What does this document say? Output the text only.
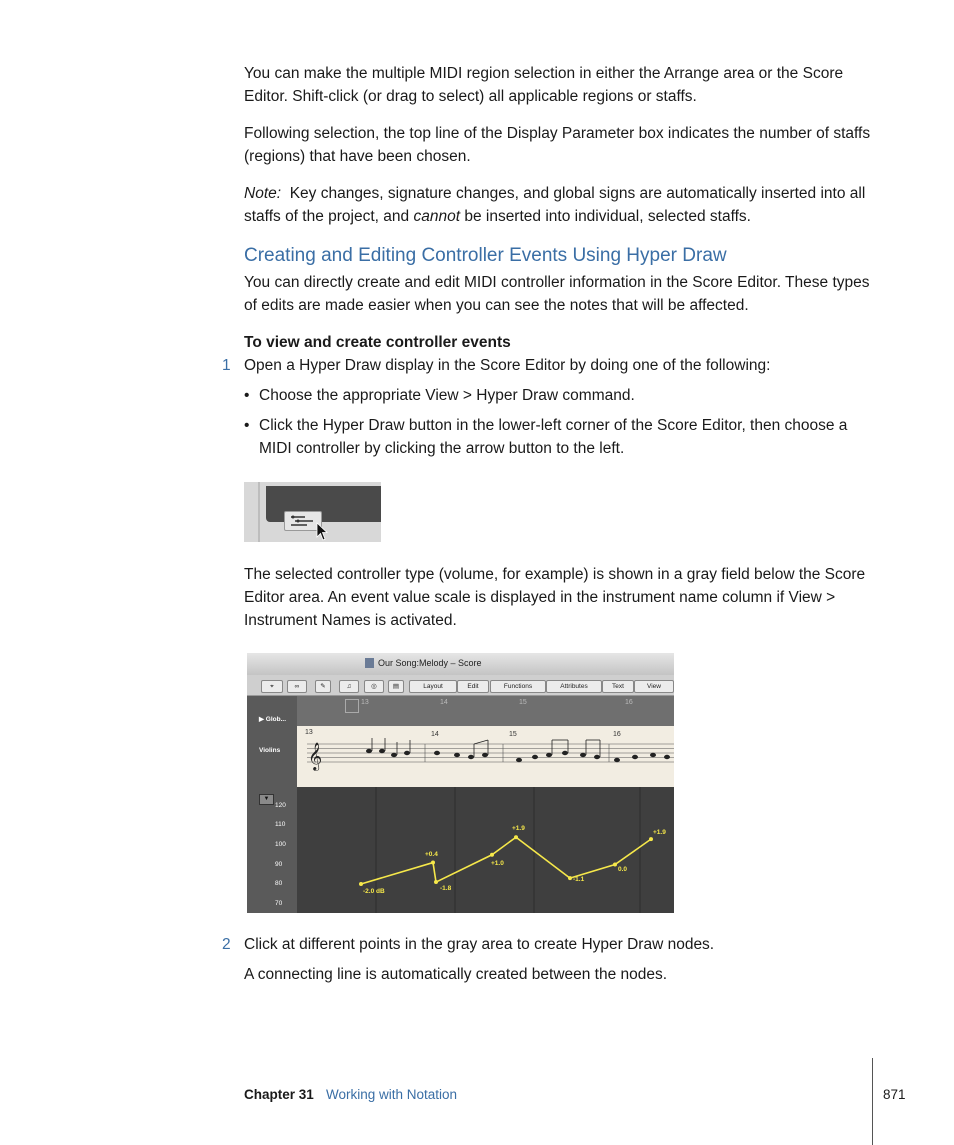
You can make the multiple MIDI region selection in either the Arrange area or the Score Editor. Shift-click (or drag to select) all applicable regions or staffs.

Following selection, the top line of the Display Parameter box indicates the number of staffs (regions) that have been chosen.

Note: Key changes, signature changes, and global signs are automatically inserted into all staffs of the project, and cannot be inserted into individual, selected staffs.

Creating and Editing Controller Events Using Hyper Draw

You can directly create and edit MIDI controller information in the Score Editor. These types of edits are made easier when you can see the notes that will be affected.

To view and create controller events

1 Open a Hyper Draw display in the Score Editor by doing one of the following:

• Choose the appropriate View > Hyper Draw command.

• Click the Hyper Draw button in the lower-left corner of the Score Editor, then choose a MIDI controller by clicking the arrow button to the left.

The selected controller type (volume, for example) is shown in a gray field below the Score Editor area. An event value scale is displayed in the instrument name column if View > Instrument Names is activated.

Our Song:Melody – Score
⌖	∞	✎	♫	◎	▤	Layout	Edit	Functions	Attributes	Text	View
▶ Glob...
Violins
▼
120
110
100
90
80
70
13	14	15	16
13	14	15	16
𝄞
-2.0 dB
+0.4
-1.8
+1.0
+1.9
-1.1
0.0
+1.9
2 Click at different points in the gray area to create Hyper Draw nodes.

A connecting line is automatically created between the nodes.

Chapter 31 Working with Notation	871
